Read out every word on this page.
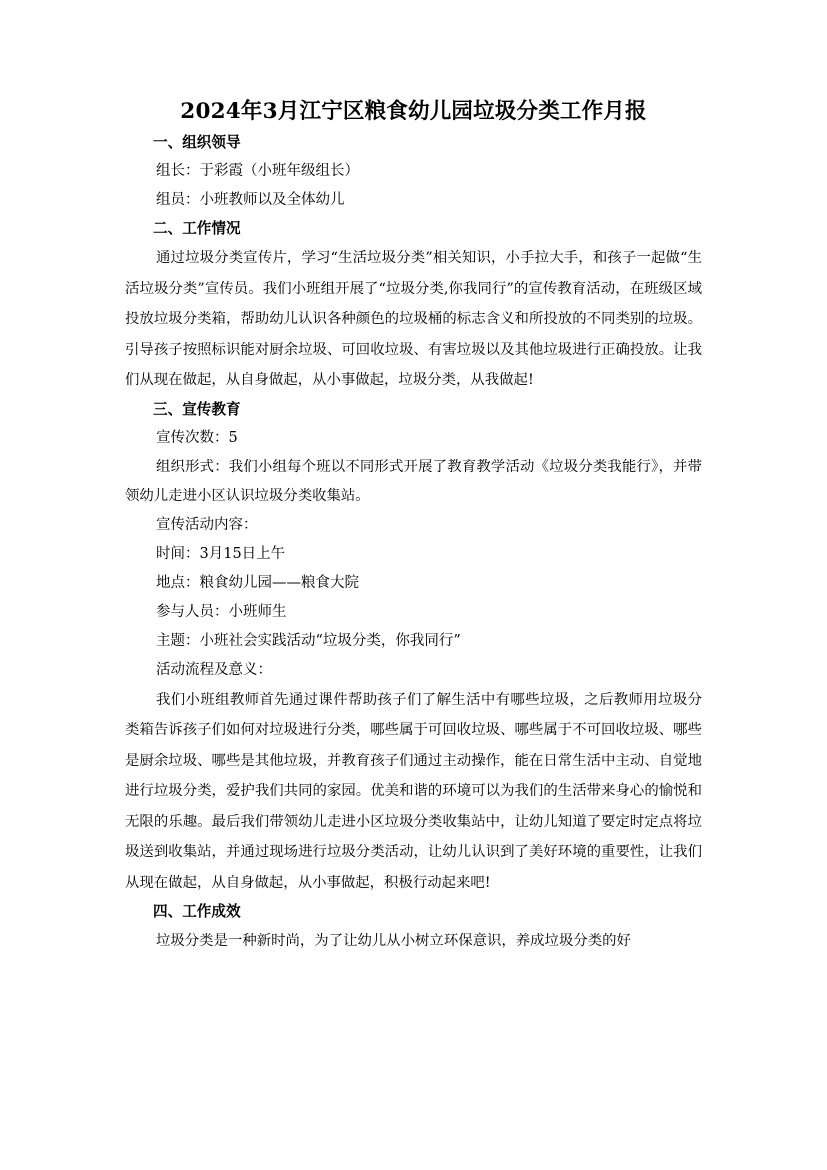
2024年3月江宁区粮食幼儿园垃圾分类工作月报
一、组织领导

组长：于彩霞（小班年级组长）

组员：小班教师以及全体幼儿

二、工作情况

通过垃圾分类宣传片，学习“生活垃圾分类”相关知识，小手拉大手，和孩子一起做“生活垃圾分类”宣传员。我们小班组开展了“垃圾分类,你我同行”的宣传教育活动，在班级区域投放垃圾分类箱，帮助幼儿认识各种颜色的垃圾桶的标志含义和所投放的不同类别的垃圾。引导孩子按照标识能对厨余垃圾、可回收垃圾、有害垃圾以及其他垃圾进行正确投放。让我们从现在做起，从自身做起，从小事做起，垃圾分类，从我做起!

三、宣传教育

宣传次数：5

组织形式：我们小组每个班以不同形式开展了教育教学活动《垃圾分类我能行》，并带领幼儿走进小区认识垃圾分类收集站。

宣传活动内容：

时间：3月15日上午

地点：粮食幼儿园——粮食大院

参与人员：小班师生

主题：小班社会实践活动“垃圾分类，你我同行”

活动流程及意义：

我们小班组教师首先通过课件帮助孩子们了解生活中有哪些垃圾，之后教师用垃圾分类箱告诉孩子们如何对垃圾进行分类，哪些属于可回收垃圾、哪些属于不可回收垃圾、哪些是厨余垃圾、哪些是其他垃圾，并教育孩子们通过主动操作，能在日常生活中主动、自觉地进行垃圾分类，爱护我们共同的家园。优美和谐的环境可以为我们的生活带来身心的愉悦和无限的乐趣。最后我们带领幼儿走进小区垃圾分类收集站中，让幼儿知道了要定时定点将垃圾送到收集站，并通过现场进行垃圾分类活动，让幼儿认识到了美好环境的重要性，让我们从现在做起，从自身做起，从小事做起，积极行动起来吧!

四、工作成效

垃圾分类是一种新时尚，为了让幼儿从小树立环保意识，养成垃圾分类的好
